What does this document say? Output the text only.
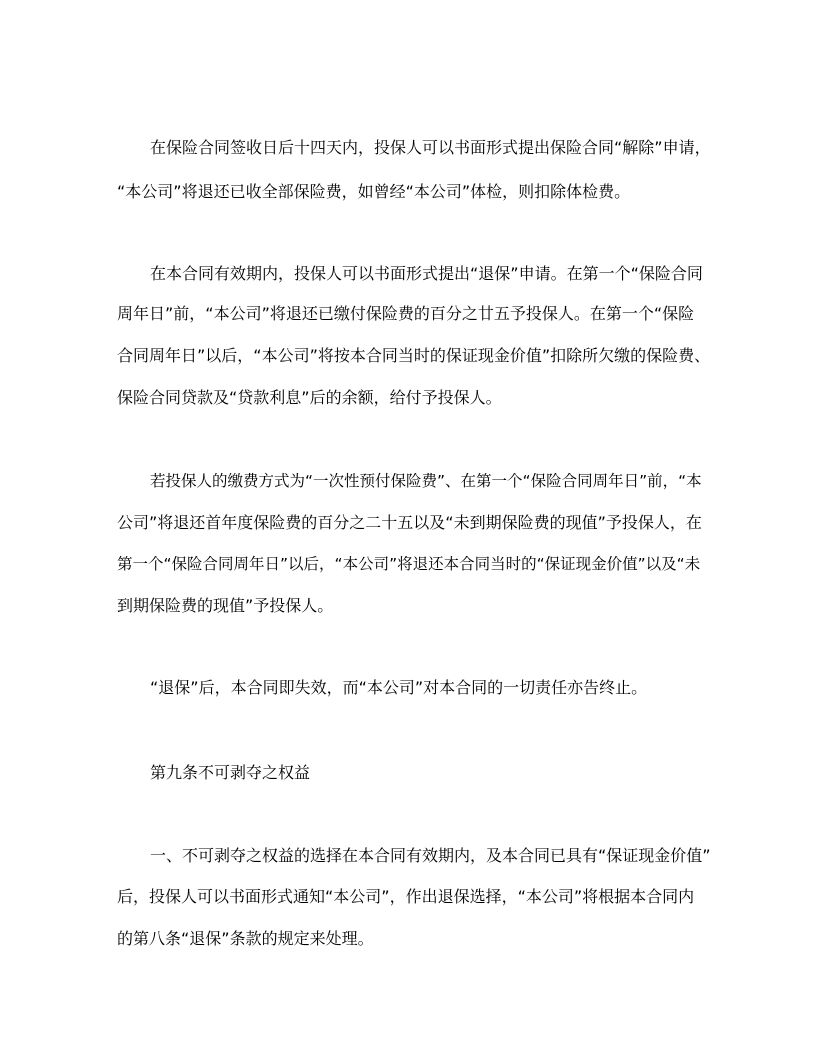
在保险合同签收日后十四天内，投保人可以书面形式提出保险合同“解除”申请，
“本公司”将退还已收全部保险费，如曾经“本公司”体检，则扣除体检费。
在本合同有效期内，投保人可以书面形式提出“退保”申请。在第一个“保险合同
周年日”前，“本公司”将退还已缴付保险费的百分之廿五予投保人。在第一个“保险
合同周年日”以后，“本公司”将按本合同当时的保证现金价值”扣除所欠缴的保险费、
保险合同贷款及“贷款利息”后的余额，给付予投保人。
若投保人的缴费方式为“一次性预付保险费”、在第一个“保险合同周年日”前，“本
公司”将退还首年度保险费的百分之二十五以及“未到期保险费的现值”予投保人，在
第一个“保险合同周年日”以后，“本公司”将退还本合同当时的“保证现金价值”以及“未
到期保险费的现值”予投保人。
“退保”后，本合同即失效，而“本公司”对本合同的一切责任亦告终止。
第九条不可剥夺之权益
一、不可剥夺之权益的选择在本合同有效期内，及本合同已具有“保证现金价值”
后，投保人可以书面形式通知“本公司”，作出退保选择，“本公司”将根据本合同内
的第八条“退保”条款的规定来处理。
